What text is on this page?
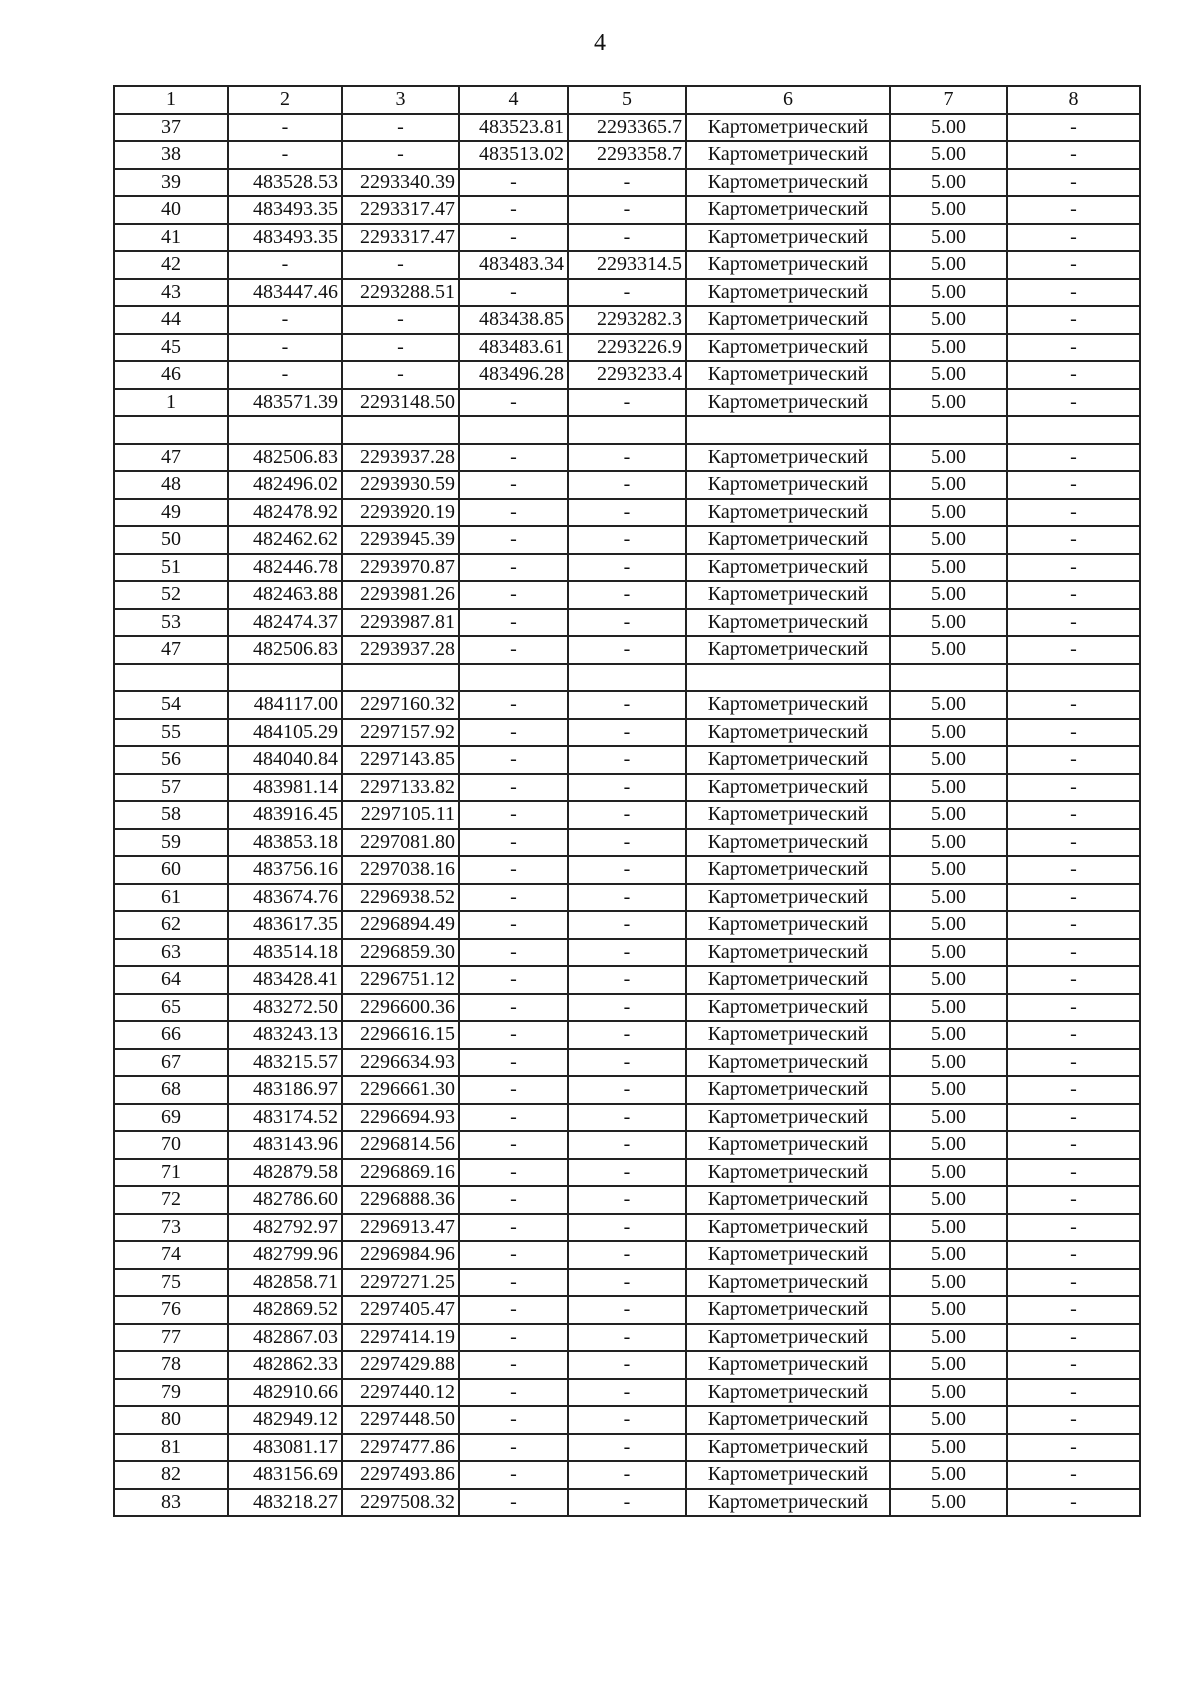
4
1	2	3	4	5	6	7	8
37	-	-	483523.81	2293365.7	Картометрический	5.00	-
38	-	-	483513.02	2293358.7	Картометрический	5.00	-
39	483528.53	2293340.39	-	-	Картометрический	5.00	-
40	483493.35	2293317.47	-	-	Картометрический	5.00	-
41	483493.35	2293317.47	-	-	Картометрический	5.00	-
42	-	-	483483.34	2293314.5	Картометрический	5.00	-
43	483447.46	2293288.51	-	-	Картометрический	5.00	-
44	-	-	483438.85	2293282.3	Картометрический	5.00	-
45	-	-	483483.61	2293226.9	Картометрический	5.00	-
46	-	-	483496.28	2293233.4	Картометрический	5.00	-
1	483571.39	2293148.50	-	-	Картометрический	5.00	-

47	482506.83	2293937.28	-	-	Картометрический	5.00	-
48	482496.02	2293930.59	-	-	Картометрический	5.00	-
49	482478.92	2293920.19	-	-	Картометрический	5.00	-
50	482462.62	2293945.39	-	-	Картометрический	5.00	-
51	482446.78	2293970.87	-	-	Картометрический	5.00	-
52	482463.88	2293981.26	-	-	Картометрический	5.00	-
53	482474.37	2293987.81	-	-	Картометрический	5.00	-
47	482506.83	2293937.28	-	-	Картометрический	5.00	-

54	484117.00	2297160.32	-	-	Картометрический	5.00	-
55	484105.29	2297157.92	-	-	Картометрический	5.00	-
56	484040.84	2297143.85	-	-	Картометрический	5.00	-
57	483981.14	2297133.82	-	-	Картометрический	5.00	-
58	483916.45	2297105.11	-	-	Картометрический	5.00	-
59	483853.18	2297081.80	-	-	Картометрический	5.00	-
60	483756.16	2297038.16	-	-	Картометрический	5.00	-
61	483674.76	2296938.52	-	-	Картометрический	5.00	-
62	483617.35	2296894.49	-	-	Картометрический	5.00	-
63	483514.18	2296859.30	-	-	Картометрический	5.00	-
64	483428.41	2296751.12	-	-	Картометрический	5.00	-
65	483272.50	2296600.36	-	-	Картометрический	5.00	-
66	483243.13	2296616.15	-	-	Картометрический	5.00	-
67	483215.57	2296634.93	-	-	Картометрический	5.00	-
68	483186.97	2296661.30	-	-	Картометрический	5.00	-
69	483174.52	2296694.93	-	-	Картометрический	5.00	-
70	483143.96	2296814.56	-	-	Картометрический	5.00	-
71	482879.58	2296869.16	-	-	Картометрический	5.00	-
72	482786.60	2296888.36	-	-	Картометрический	5.00	-
73	482792.97	2296913.47	-	-	Картометрический	5.00	-
74	482799.96	2296984.96	-	-	Картометрический	5.00	-
75	482858.71	2297271.25	-	-	Картометрический	5.00	-
76	482869.52	2297405.47	-	-	Картометрический	5.00	-
77	482867.03	2297414.19	-	-	Картометрический	5.00	-
78	482862.33	2297429.88	-	-	Картометрический	5.00	-
79	482910.66	2297440.12	-	-	Картометрический	5.00	-
80	482949.12	2297448.50	-	-	Картометрический	5.00	-
81	483081.17	2297477.86	-	-	Картометрический	5.00	-
82	483156.69	2297493.86	-	-	Картометрический	5.00	-
83	483218.27	2297508.32	-	-	Картометрический	5.00	-
